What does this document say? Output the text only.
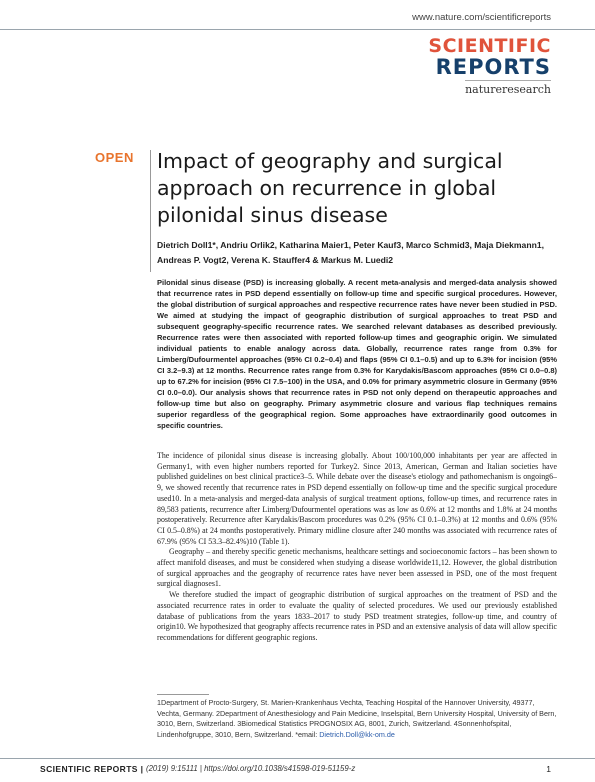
www.nature.com/scientificreports
SCIENTIFIC
REPORTS
natureresearch
OPEN Impact of geography and surgical approach on recurrence in global pilonidal sinus disease
Dietrich Doll1*, Andriu Orlik2, Katharina Maier1, Peter Kauf3, Marco Schmid3, Maja Diekmann1, Andreas P. Vogt2, Verena K. Stauffer4 & Markus M. Luedi2

Pilonidal sinus disease (PSD) is increasing globally. A recent meta-analysis and merged-data analysis showed that recurrence rates in PSD depend essentially on follow-up time and specific surgical procedures. However, the global distribution of surgical approaches and respective recurrence rates have never been studied in PSD. We aimed at studying the impact of geographic distribution of surgical approaches to treat PSD and subsequent geography-specific recurrence rates. We searched relevant databases as described previously. Recurrence rates were then associated with reported follow-up times and geographic origin. We simulated individual patients to enable analogy across data. Globally, recurrence rates range from 0.3% for Limberg/Dufourmentel approaches (95% CI 0.2–0.4) and flaps (95% CI 0.1–0.5) and up to 6.3% for incision (95% CI 3.2–9.3) at 12 months. Recurrence rates range from 0.3% for Karydakis/Bascom approaches (95% CI 0.0–0.8) up to 67.2% for incision (95% CI 7.5–100) in the USA, and 0.0% for primary asymmetric closure in Germany (95% CI 0.0–0.0). Our analysis shows that recurrence rates in PSD not only depend on therapeutic approaches and follow-up time but also on geography. Primary asymmetric closure and various flap techniques remains superior regardless of the geographical region. Some approaches have extraordinarily good outcomes in specific countries.

The incidence of pilonidal sinus disease is increasing globally. About 100/100,000 inhabitants per year are affected in Germany1, with even higher numbers reported for Turkey2. Since 2013, American, German and Italian societies have published guidelines on best clinical practice3–5. While debate over the disease's etiology and pathomechanism is ongoing6–9, we showed recently that recurrence rates in PSD depend essentially on follow-up time and the specific surgical procedure used10. In a meta-analysis and merged-data analysis of surgical treatment options, follow-up times, and recurrence rates in 89,583 patients, recurrence after Limberg/Dufourmentel operations was as low as 0.6% at 12 months and 1.8% at 24 months postoperatively. Recurrence after Karydakis/Bascom procedures was 0.2% (95% CI 0.1–0.3%) at 12 months and 0.6% (95% CI 0.5–0.8%) at 24 months postoperatively. Primary midline closure after 240 months was associated with recurrence rates of 67.9% (95% CI 53.3–82.4%)10 (Table 1).

Geography – and thereby specific genetic mechanisms, healthcare settings and socioeconomic factors – has been shown to affect manifold diseases, and must be considered when studying a disease worldwide11,12. However, the global distribution of surgical approaches and the geography of recurrence rates have never been assessed in PSD, one of the most frequent surgical diagnoses1.

We therefore studied the impact of geographic distribution of surgical approaches on the treatment of PSD and the associated recurrence rates in order to evaluate the quality of selected procedures. We used our previously established database of publications from the years 1833–2017 to study PSD treatment strategies, follow-up time, and country of origin10. We hypothesized that geography affects recurrence rates in PSD and an extensive analysis of data will allow specific recommendations for different geographic regions.

1Department of Procto-Surgery, St. Marien-Krankenhaus Vechta, Teaching Hospital of the Hannover University, 49377, Vechta, Germany. 2Department of Anesthesiology and Pain Medicine, Inselspital, Bern University Hospital, University of Bern, 3010, Bern, Switzerland. 3Biomedical Statistics PROGNOSIX AG, 8001, Zurich, Switzerland. 4Sonnenhofspital, Lindenhofgruppe, 3010, Bern, Switzerland. *email: Dietrich.Doll@kk-om.de

SCIENTIFIC REPORTS | (2019) 9:15111 | https://doi.org/10.1038/s41598-019-51159-z	1
